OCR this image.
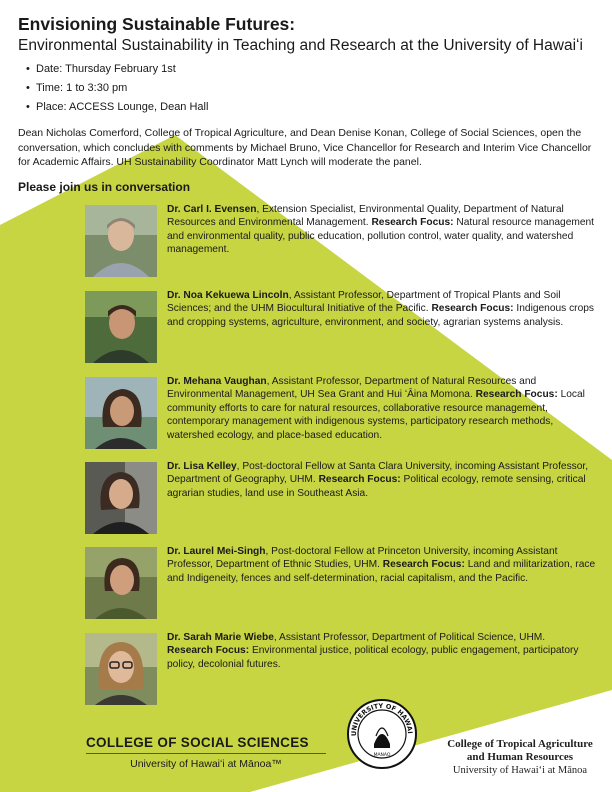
Envisioning Sustainable Futures:
Environmental Sustainability in Teaching and Research at the University of Hawaiʻi
• Date: Thursday February 1st
• Time: 1 to 3:30 pm
• Place: ACCESS Lounge, Dean Hall

Dean Nicholas Comerford, College of Tropical Agriculture, and Dean Denise Konan, College of Social Sciences, open the conversation, which concludes with comments by Michael Bruno, Vice Chancellor for Research and Interim Vice Chancellor for Academic Affairs. UH Sustainability Coordinator Matt Lynch will moderate the panel.

Please join us in conversation

Dr. Carl I. Evensen, Extension Specialist, Environmental Quality, Department of Natural Resources and Environmental Management. Research Focus: Natural resource management and environmental quality, public education, pollution control, water quality, and watershed management.

Dr. Noa Kekuewa Lincoln, Assistant Professor, Department of Tropical Plants and Soil Sciences; and the UHM Biocultural Initiative of the Pacific. Research Focus: Indigenous crops and cropping systems, agriculture, environment, and society, agrarian systems analysis.

Dr. Mehana Vaughan, Assistant Professor, Department of Natural Resources and Environmental Management, UH Sea Grant and Hui ʻĀina Momona. Research Focus: Local community efforts to care for natural resources, collaborative resource management, contemporary management with indigenous systems, participatory research methods, watershed ecology, and place-based education.

Dr. Lisa Kelley, Post-doctoral Fellow at Santa Clara University, incoming Assistant Professor, Department of Geography, UHM. Research Focus: Political ecology, remote sensing, critical agrarian studies, land use in Southeast Asia.

Dr. Laurel Mei-Singh, Post-doctoral Fellow at Princeton University, incoming Assistant Professor, Department of Ethnic Studies, UHM. Research Focus: Land and militarization, race and Indigeneity, fences and self-determination, racial capitalism, and the Pacific.

Dr. Sarah Marie Wiebe, Assistant Professor, Department of Political Science, UHM.
Research Focus: Environmental justice, political ecology, public engagement, participatory policy, decolonial futures.

COLLEGE OF SOCIAL SCIENCES

University of Hawaiʻi at Mānoa™

UNIVERSITY OF HAWAI
MANAO

College of Tropical Agriculture

and Human Resources

University of Hawaiʻi at Mānoa
